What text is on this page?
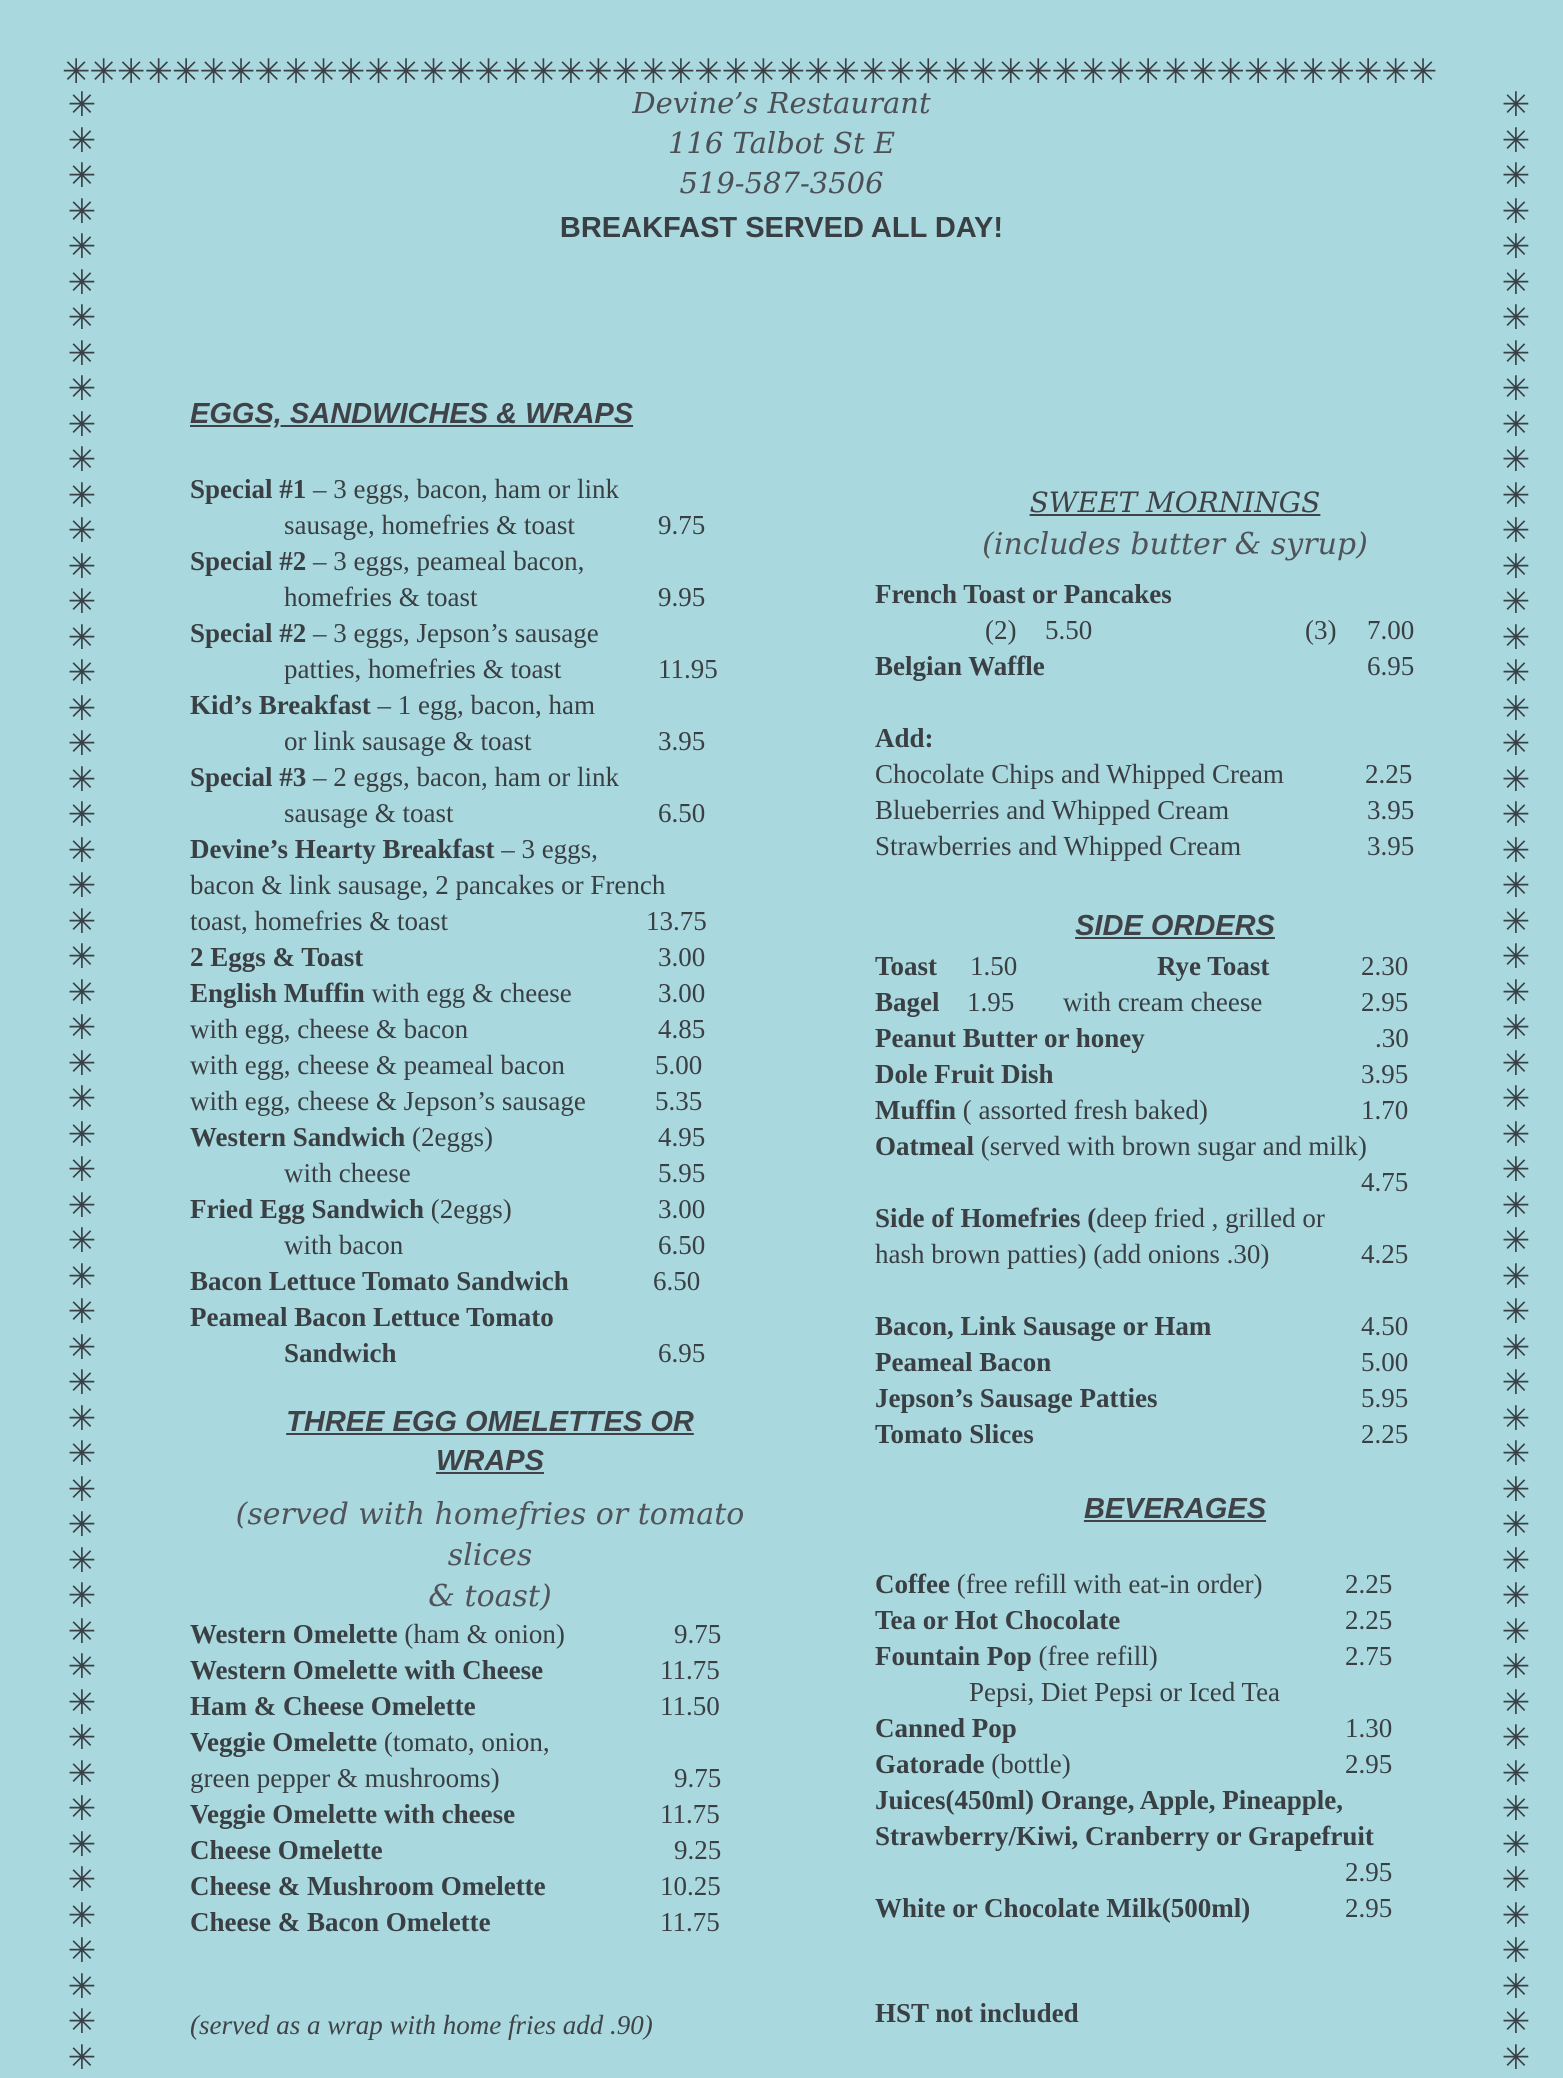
✳✳✳✳✳✳✳✳✳✳✳✳✳✳✳✳✳✳✳✳✳✳✳✳✳✳✳✳✳✳✳✳✳✳✳✳✳✳✳✳✳✳✳✳✳✳✳✳✳✳
✳
✳
✳
✳
✳
✳
✳
✳
✳
✳
✳
✳
✳
✳
✳
✳
✳
✳
✳
✳
✳
✳
✳
✳
✳
✳
✳
✳
✳
✳
✳
✳
✳
✳
✳
✳
✳
✳
✳
✳
✳
✳
✳
✳
✳
✳
✳
✳
✳
✳
✳
✳
✳
✳
✳
✳
✳
✳
✳
✳
✳
✳
✳
✳
✳
✳
✳
✳
✳
✳
✳
✳
✳
✳
✳
✳
✳
✳
✳
✳
✳
✳
✳
✳
✳
✳
✳
✳
✳
✳
✳
✳
✳
✳
✳
✳
✳
✳
✳
✳
✳
✳
✳
✳
✳
✳
✳
✳
✳
✳
✳
✳
Devine’s Restaurant
116 Talbot St E
519-587-3506
BREAKFAST SERVED ALL DAY!
EGGS, SANDWICHES & WRAPS
Special #1 – 3 eggs, bacon, ham or link
sausage, homefries & toast	9.75
Special #2 – 3 eggs, peameal bacon,
homefries & toast	9.95
Special #2 – 3 eggs, Jepson’s sausage
patties, homefries & toast	11.95
Kid’s Breakfast – 1 egg, bacon, ham
or link sausage & toast	3.95
Special #3 – 2 eggs, bacon, ham or link
sausage & toast	6.50
Devine’s Hearty Breakfast – 3 eggs,
bacon & link sausage, 2 pancakes or French
toast, homefries & toast	13.75
2 Eggs & Toast	3.00
English Muffin with egg & cheese	3.00
with egg, cheese & bacon	4.85
with egg, cheese & peameal bacon	5.00
with egg, cheese & Jepson’s sausage	5.35
Western Sandwich (2eggs)	4.95
with cheese	5.95
Fried Egg Sandwich (2eggs)	3.00
with bacon	6.50
Bacon Lettuce Tomato Sandwich	6.50
Peameal Bacon Lettuce Tomato
Sandwich	6.95
THREE EGG OMELETTES OR
WRAPS
(served with homefries or tomato slices
& toast)
Western Omelette (ham & onion)	9.75
Western Omelette with Cheese	11.75
Ham & Cheese Omelette	11.50
Veggie Omelette (tomato, onion,
green pepper & mushrooms)	9.75
Veggie Omelette with cheese	11.75
Cheese Omelette	9.25
Cheese & Mushroom Omelette	10.25
Cheese & Bacon Omelette	11.75
(served as a wrap with home fries add .90)
SWEET MORNINGS
(includes butter & syrup)
French Toast or Pancakes
(2) 5.50	(3) 7.00
Belgian Waffle	6.95
Add:
Chocolate Chips and Whipped Cream	2.25
Blueberries and Whipped Cream	3.95
Strawberries and Whipped Cream	3.95
SIDE ORDERS
Toast 1.50	Rye Toast	2.30
Bagel 1.95 with cream cheese	2.95
Peanut Butter or honey	.30
Dole Fruit Dish	3.95
Muffin ( assorted fresh baked)	1.70
Oatmeal (served with brown sugar and milk)
4.75
Side of Homefries (deep fried , grilled or
hash brown patties) (add onions .30)	4.25
Bacon, Link Sausage or Ham	4.50
Peameal Bacon	5.00
Jepson’s Sausage Patties	5.95
Tomato Slices	2.25
BEVERAGES
Coffee (free refill with eat-in order)	2.25
Tea or Hot Chocolate	2.25
Fountain Pop (free refill)	2.75
Pepsi, Diet Pepsi or Iced Tea
Canned Pop	1.30
Gatorade (bottle)	2.95
Juices(450ml) Orange, Apple, Pineapple,
Strawberry/Kiwi, Cranberry or Grapefruit
2.95
White or Chocolate Milk(500ml)	2.95
HST not included
